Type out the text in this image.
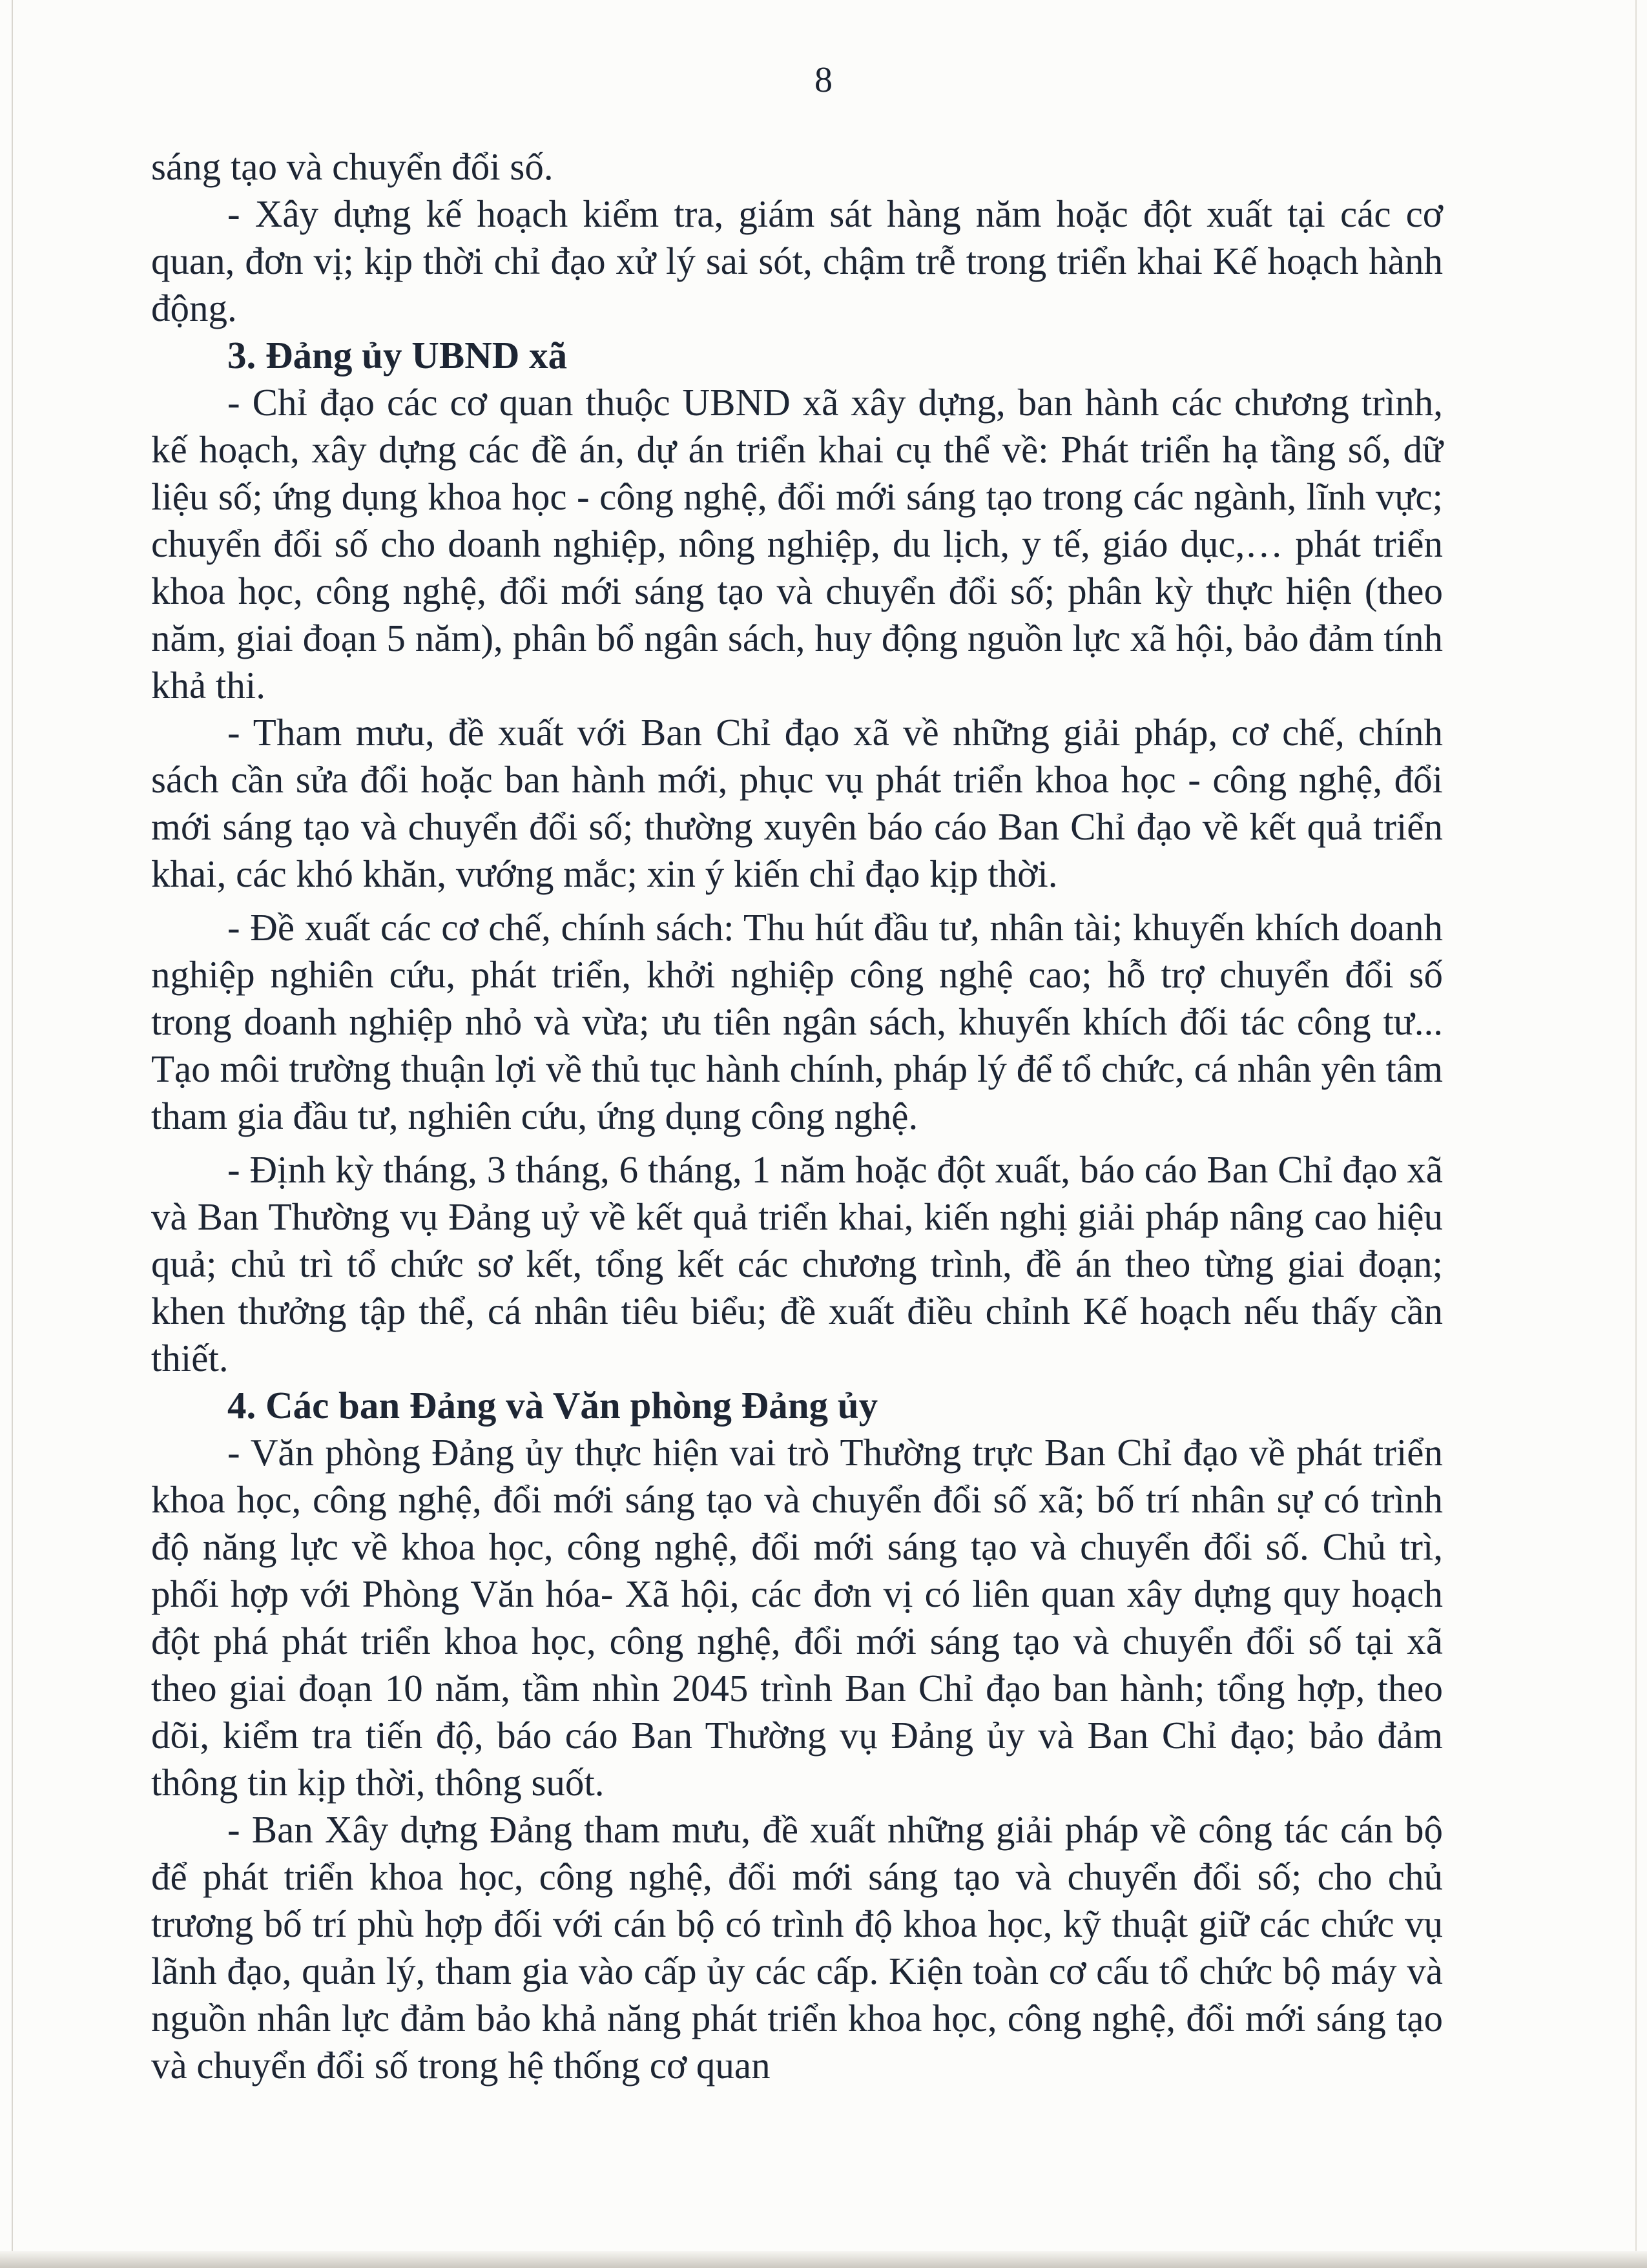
8

sáng tạo và chuyển đổi số.

- Xây dựng kế hoạch kiểm tra, giám sát hàng năm hoặc đột xuất tại các cơ quan, đơn vị; kịp thời chỉ đạo xử lý sai sót, chậm trễ trong triển khai Kế hoạch hành động.

3. Đảng ủy UBND xã

- Chỉ đạo các cơ quan thuộc UBND xã xây dựng, ban hành các chương trình, kế hoạch, xây dựng các đề án, dự án triển khai cụ thể về: Phát triển hạ tầng số, dữ liệu số; ứng dụng khoa học - công nghệ, đổi mới sáng tạo trong các ngành, lĩnh vực; chuyển đổi số cho doanh nghiệp, nông nghiệp, du lịch, y tế, giáo dục,… phát triển khoa học, công nghệ, đổi mới sáng tạo và chuyển đổi số; phân kỳ thực hiện (theo năm, giai đoạn 5 năm), phân bổ ngân sách, huy động nguồn lực xã hội, bảo đảm tính khả thi.

- Tham mưu, đề xuất với Ban Chỉ đạo xã về những giải pháp, cơ chế, chính sách cần sửa đổi hoặc ban hành mới, phục vụ phát triển khoa học - công nghệ, đổi mới sáng tạo và chuyển đổi số; thường xuyên báo cáo Ban Chỉ đạo về kết quả triển khai, các khó khăn, vướng mắc; xin ý kiến chỉ đạo kịp thời.

- Đề xuất các cơ chế, chính sách: Thu hút đầu tư, nhân tài; khuyến khích doanh nghiệp nghiên cứu, phát triển, khởi nghiệp công nghệ cao; hỗ trợ chuyển đổi số trong doanh nghiệp nhỏ và vừa; ưu tiên ngân sách, khuyến khích đối tác công tư... Tạo môi trường thuận lợi về thủ tục hành chính, pháp lý để tổ chức, cá nhân yên tâm tham gia đầu tư, nghiên cứu, ứng dụng công nghệ.

- Định kỳ tháng, 3 tháng, 6 tháng, 1 năm hoặc đột xuất, báo cáo Ban Chỉ đạo xã và Ban Thường vụ Đảng uỷ về kết quả triển khai, kiến nghị giải pháp nâng cao hiệu quả; chủ trì tổ chức sơ kết, tổng kết các chương trình, đề án theo từng giai đoạn; khen thưởng tập thể, cá nhân tiêu biểu; đề xuất điều chỉnh Kế hoạch nếu thấy cần thiết.

4. Các ban Đảng và Văn phòng Đảng ủy

- Văn phòng Đảng ủy thực hiện vai trò Thường trực Ban Chỉ đạo về phát triển khoa học, công nghệ, đổi mới sáng tạo và chuyển đổi số xã; bố trí nhân sự có trình độ năng lực về khoa học, công nghệ, đổi mới sáng tạo và chuyển đổi số. Chủ trì, phối hợp với Phòng Văn hóa- Xã hội, các đơn vị có liên quan xây dựng quy hoạch đột phá phát triển khoa học, công nghệ, đổi mới sáng tạo và chuyển đổi số tại xã theo giai đoạn 10 năm, tầm nhìn 2045 trình Ban Chỉ đạo ban hành; tổng hợp, theo dõi, kiểm tra tiến độ, báo cáo Ban Thường vụ Đảng ủy và Ban Chỉ đạo; bảo đảm thông tin kịp thời, thông suốt.

- Ban Xây dựng Đảng tham mưu, đề xuất những giải pháp về công tác cán bộ để phát triển khoa học, công nghệ, đổi mới sáng tạo và chuyển đổi số; cho chủ trương bố trí phù hợp đối với cán bộ có trình độ khoa học, kỹ thuật giữ các chức vụ lãnh đạo, quản lý, tham gia vào cấp ủy các cấp. Kiện toàn cơ cấu tổ chức bộ máy và nguồn nhân lực đảm bảo khả năng phát triển khoa học, công nghệ, đổi mới sáng tạo và chuyển đổi số trong hệ thống cơ quan
